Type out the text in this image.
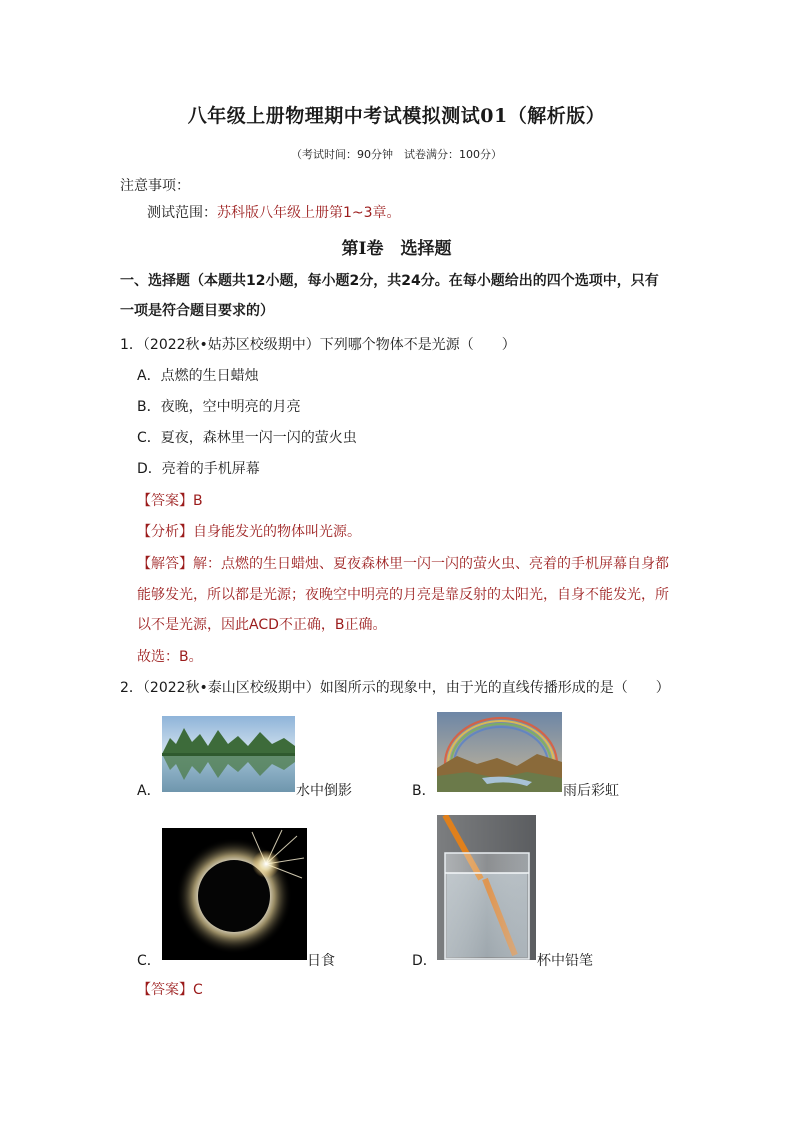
八年级上册物理期中考试模拟测试01（解析版）
（考试时间：90分钟　试卷满分：100分）
注意事项：
测试范围：苏科版八年级上册第1~3章。
第Ⅰ卷　选择题
一、选择题（本题共12小题，每小题2分，共24分。在每小题给出的四个选项中，只有
一项是符合题目要求的）
1．（2022秋•姑苏区校级期中）下列哪个物体不是光源（　　）
A．点燃的生日蜡烛
B．夜晚，空中明亮的月亮
C．夏夜，森林里一闪一闪的萤火虫
D．亮着的手机屏幕
【答案】B
【分析】自身能发光的物体叫光源。
【解答】解：点燃的生日蜡烛、夏夜森林里一闪一闪的萤火虫、亮着的手机屏幕自身都
能够发光，所以都是光源；夜晚空中明亮的月亮是靠反射的太阳光，自身不能发光，所
以不是光源，因此ACD不正确，B正确。
故选：B。
2．（2022秋•泰山区校级期中）如图所示的现象中，由于光的直线传播形成的是（　　）
A．	水中倒影	B．	雨后彩虹
C．	日食	D．	杯中铅笔
【答案】C
